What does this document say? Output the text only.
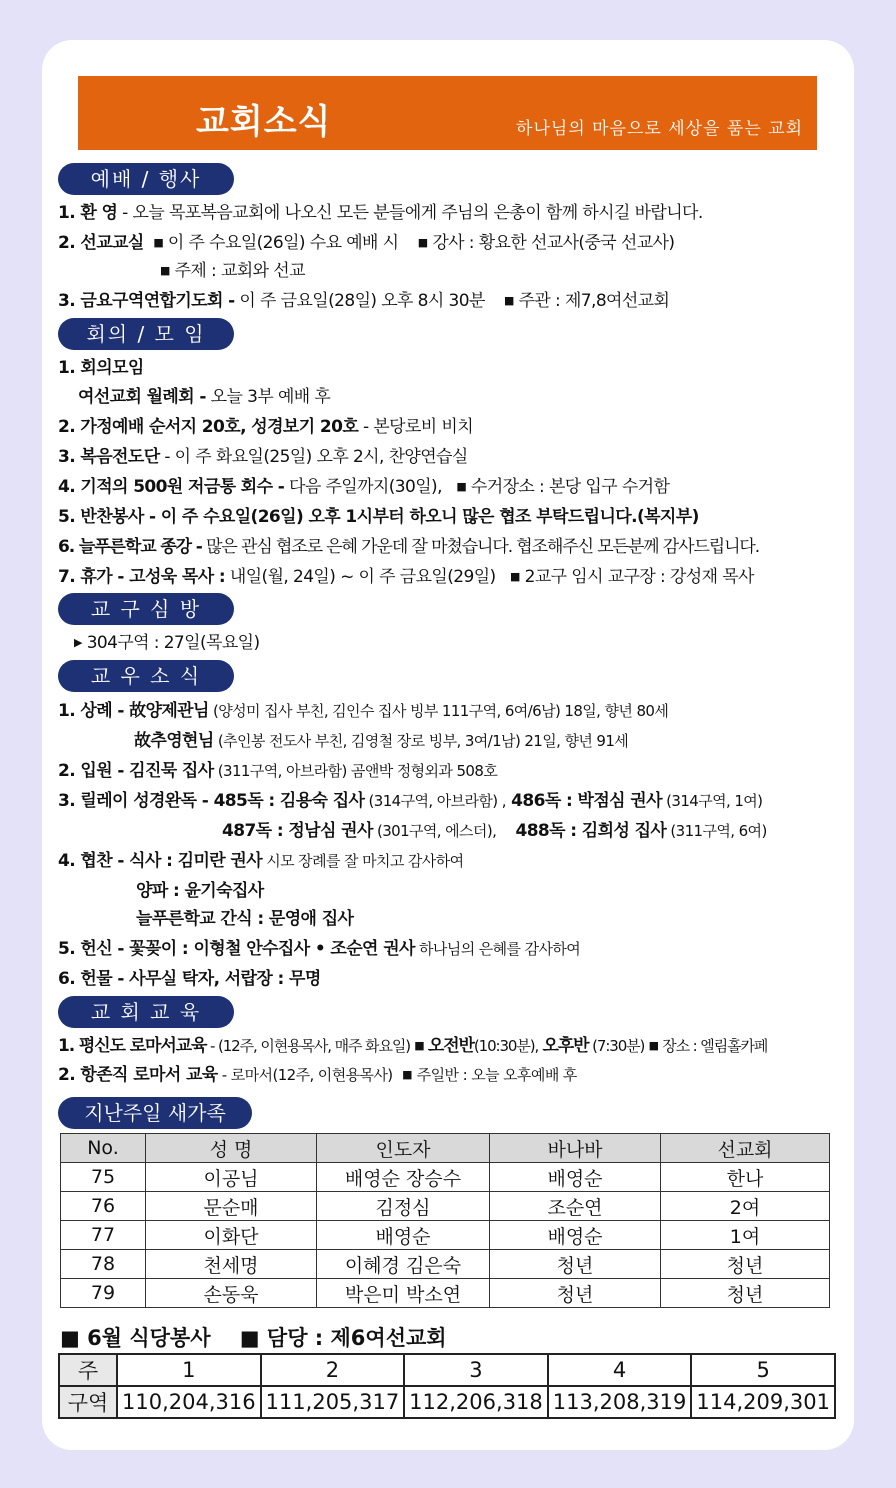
교회소식	하나님의 마음으로 세상을 품는 교회
예배 / 행사
1. 환 영 - 오늘 목포복음교회에 나오신 모든 분들에게 주님의 은총이 함께 하시길 바랍니다.
2. 선교교실 ■ 이 주 수요일(26일) 수요 예배 시 ■ 강사 : 황요한 선교사(중국 선교사)
■ 주제 : 교회와 선교
3. 금요구역연합기도회 - 이 주 금요일(28일) 오후 8시 30분 ■ 주관 : 제7,8여선교회
회의 / 모 임
1. 회의모임
여선교회 월례회 - 오늘 3부 예배 후
2. 가정예배 순서지 20호, 성경보기 20호 - 본당로비 비치
3. 복음전도단 - 이 주 화요일(25일) 오후 2시, 찬양연습실
4. 기적의 500원 저금통 회수 - 다음 주일까지(30일), ■ 수거장소 : 본당 입구 수거함
5. 반찬봉사 - 이 주 수요일(26일) 오후 1시부터 하오니 많은 협조 부탁드립니다.(복지부)
6. 늘푸른학교 종강 - 많은 관심 협조로 은혜 가운데 잘 마쳤습니다. 협조해주신 모든분께 감사드립니다.
7. 휴가 - 고성욱 목사 : 내일(월, 24일) ~ 이 주 금요일(29일) ■ 2교구 임시 교구장 : 강성재 목사
교 구 심 방
▶ 304구역 : 27일(목요일)
교 우 소 식
1. 상례 - 故양제관님 (양성미 집사 부친, 김인수 집사 빙부 111구역, 6여/6남) 18일, 향년 80세
故추영현님 (추인봉 전도사 부친, 김영철 장로 빙부, 3여/1남) 21일, 향년 91세
2. 입원 - 김진묵 집사 (311구역, 아브라함) 곰앤박 정형외과 508호
3. 릴레이 성경완독 - 485독 : 김용숙 집사 (314구역, 아브라함) , 486독 : 박점심 권사 (314구역, 1여)
487독 : 정남심 권사 (301구역, 에스더), 488독 : 김희성 집사 (311구역, 6여)
4. 협찬 - 식사 : 김미란 권사 시모 장례를 잘 마치고 감사하여
양파 : 윤기숙집사
늘푸른학교 간식 : 문영애 집사
5. 헌신 - 꽃꽂이 : 이형철 안수집사 • 조순연 권사 하나님의 은혜를 감사하여
6. 헌물 - 사무실 탁자, 서랍장 : 무명
교 회 교 육
1. 평신도 로마서교육 - (12주, 이현용목사, 매주 화요일) ■ 오전반(10:30분), 오후반 (7:30분) ■ 장소 : 엘림홀카페
2. 항존직 로마서 교육 - 로마서(12주, 이현용목사) ■ 주일반 : 오늘 오후예배 후
지난주일 새가족
No.	성 명	인도자	바나바	선교회
75	이공님	배영순 장승수	배영순	한나
76	문순매	김정심	조순연	2여
77	이화단	배영순	배영순	1여
78	천세명	이혜경 김은숙	청년	청년
79	손동욱	박은미 박소연	청년	청년
■ 6월 식당봉사 ■ 담당 : 제6여선교회
주	1	2	3	4	5
구역	110,204,316	111,205,317	112,206,318	113,208,319	114,209,301
